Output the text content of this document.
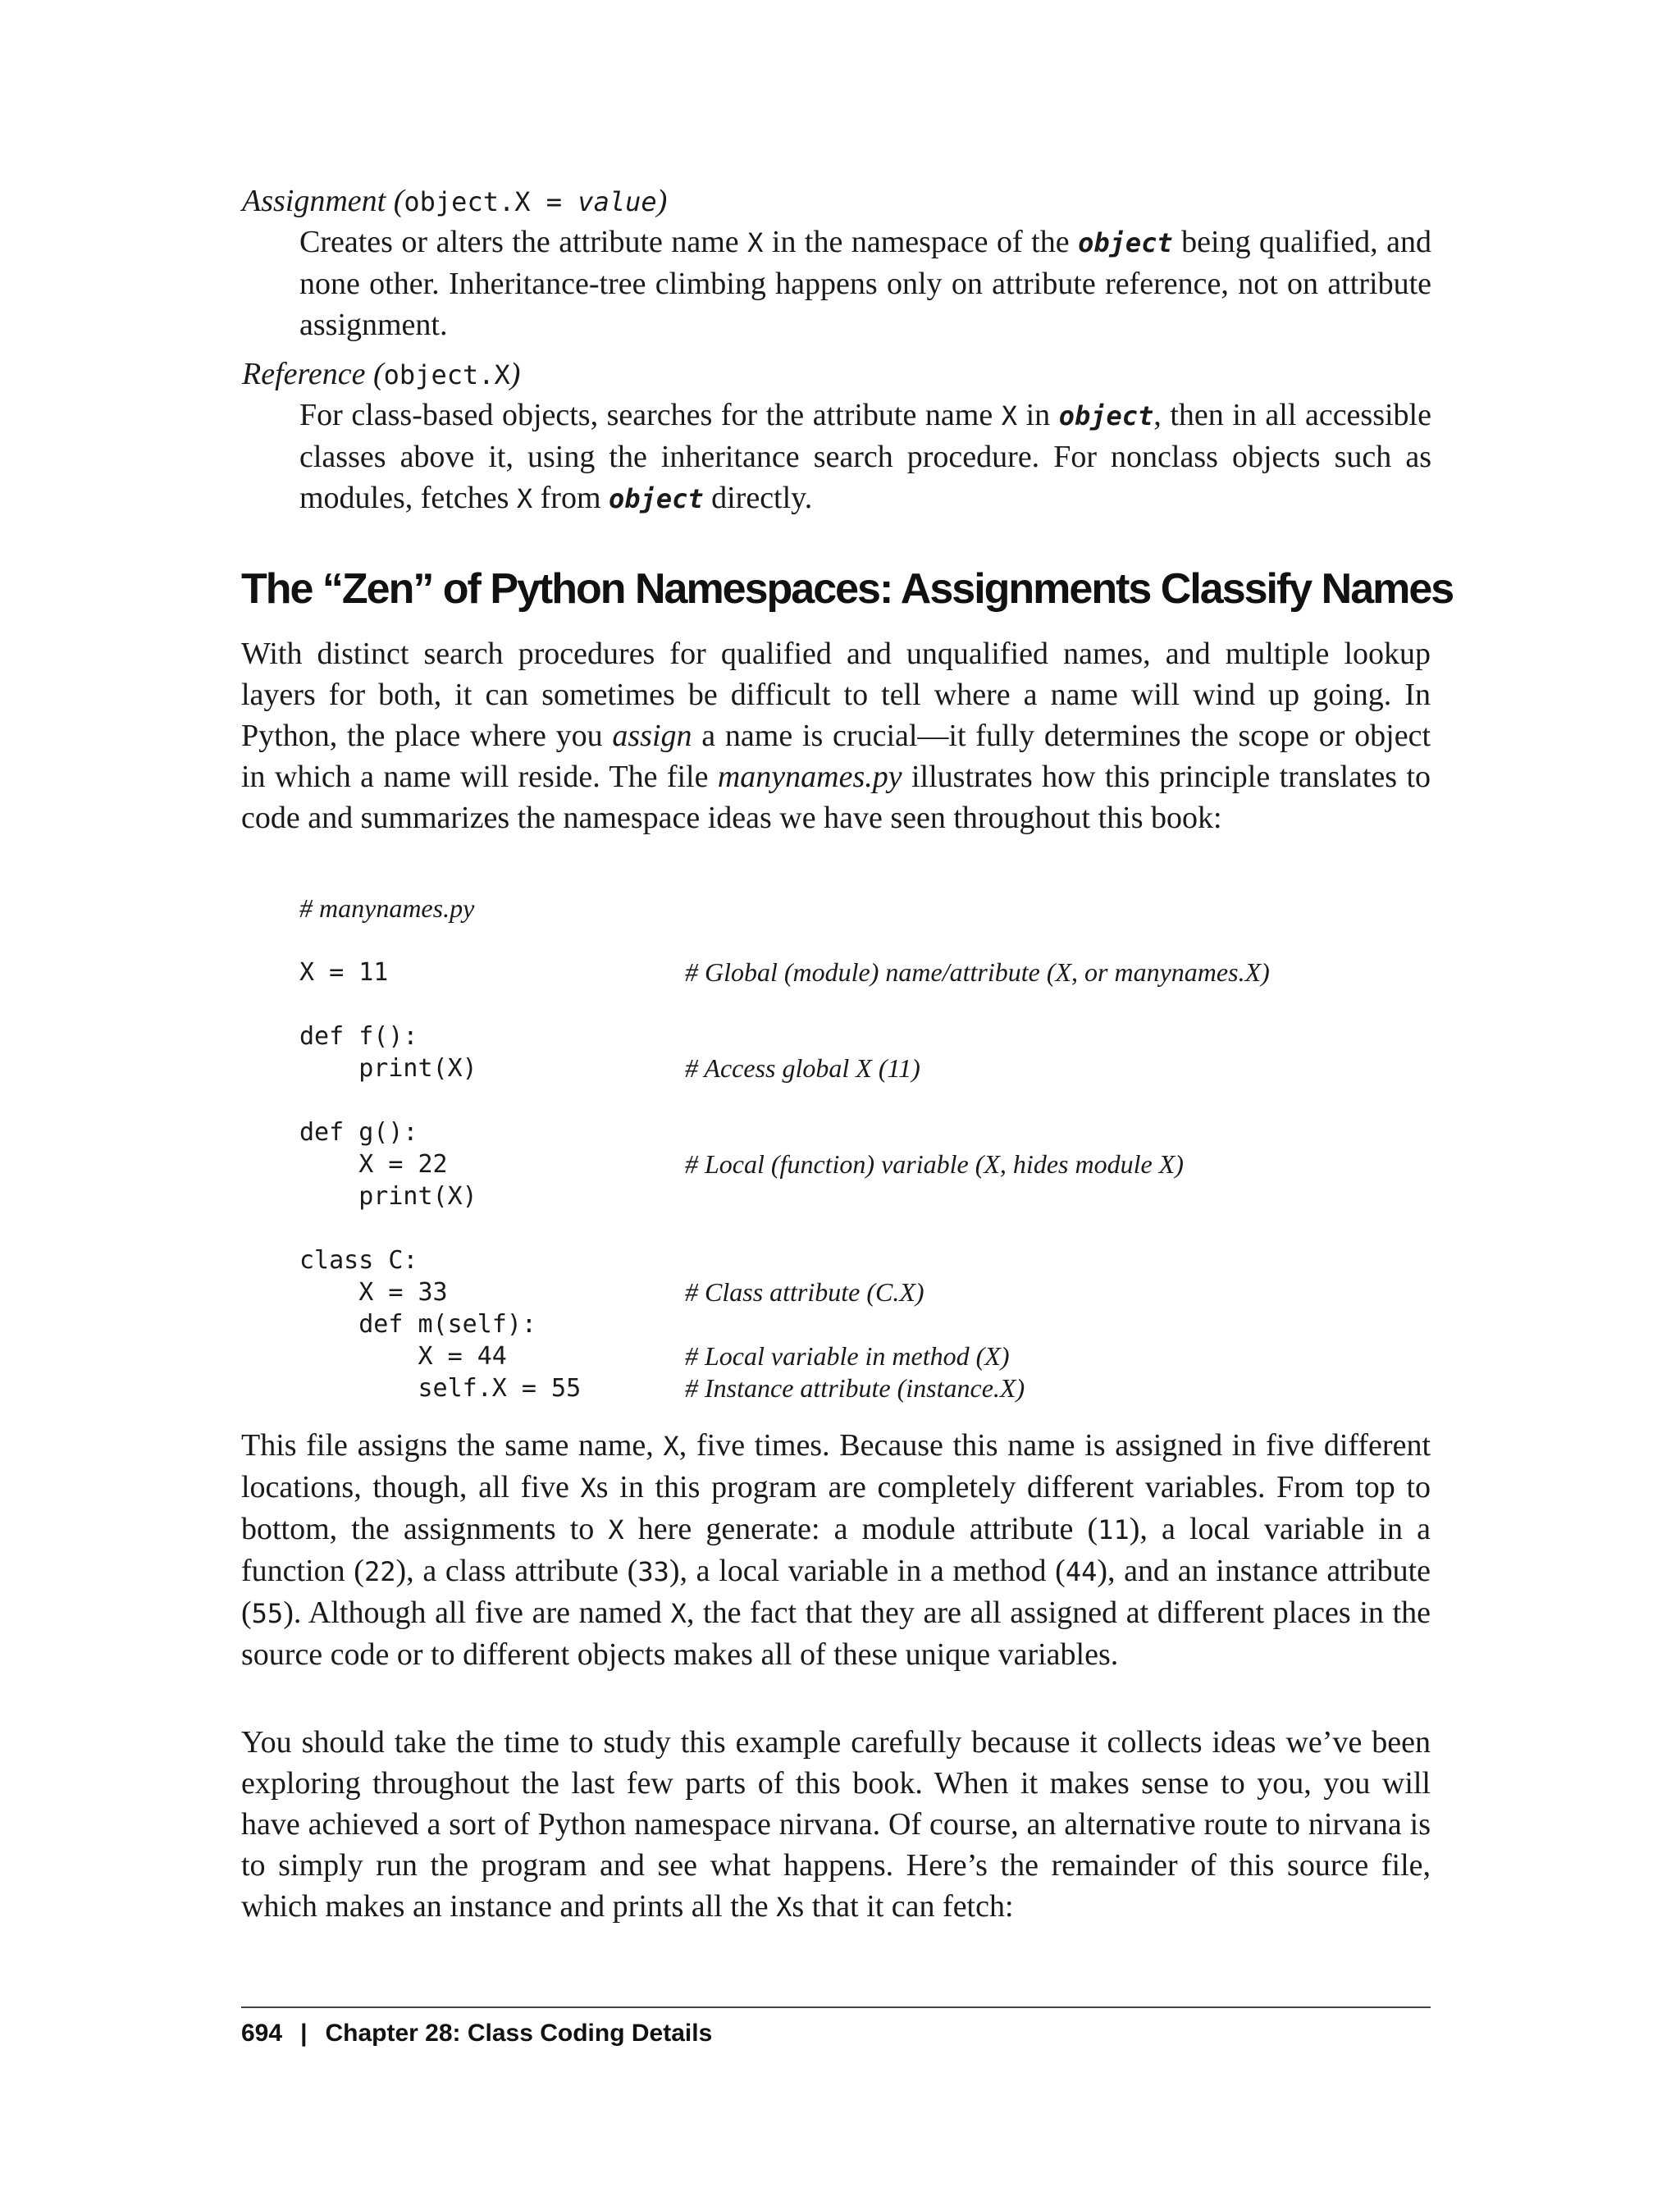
Assignment (object.X = value)
Creates or alters the attribute name X in the namespace of the object being qualified, and none other. Inheritance-tree climbing happens only on attribute reference, not on attribute assignment.
Reference (object.X)
For class-based objects, searches for the attribute name X in object, then in all accessible classes above it, using the inheritance search procedure. For nonclass objects such as modules, fetches X from object directly.
The “Zen” of Python Namespaces: Assignments Classify Names
With distinct search procedures for qualified and unqualified names, and multiple lookup layers for both, it can sometimes be difficult to tell where a name will wind up going. In Python, the place where you assign a name is crucial—it fully determines the scope or object in which a name will reside. The file manynames.py illustrates how this principle translates to code and summarizes the namespace ideas we have seen throughout this book:
# manynames.py
X = 11	# Global (module) name/attribute (X, or manynames.X)
def f():
print(X)	# Access global X (11)
def g():
X = 22	# Local (function) variable (X, hides module X)
print(X)
class C:
X = 33	# Class attribute (C.X)
def m(self):
X = 44	# Local variable in method (X)
self.X = 55	# Instance attribute (instance.X)
This file assigns the same name, X, five times. Because this name is assigned in five different locations, though, all five Xs in this program are completely different variables. From top to bottom, the assignments to X here generate: a module attribute (11), a local variable in a function (22), a class attribute (33), a local variable in a method (44), and an instance attribute (55). Although all five are named X, the fact that they are all assigned at different places in the source code or to different objects makes all of these unique variables.
You should take the time to study this example carefully because it collects ideas we’ve been exploring throughout the last few parts of this book. When it makes sense to you, you will have achieved a sort of Python namespace nirvana. Of course, an alternative route to nirvana is to simply run the program and see what happens. Here’s the remainder of this source file, which makes an instance and prints all the Xs that it can fetch:
694 | Chapter 28: Class Coding Details
